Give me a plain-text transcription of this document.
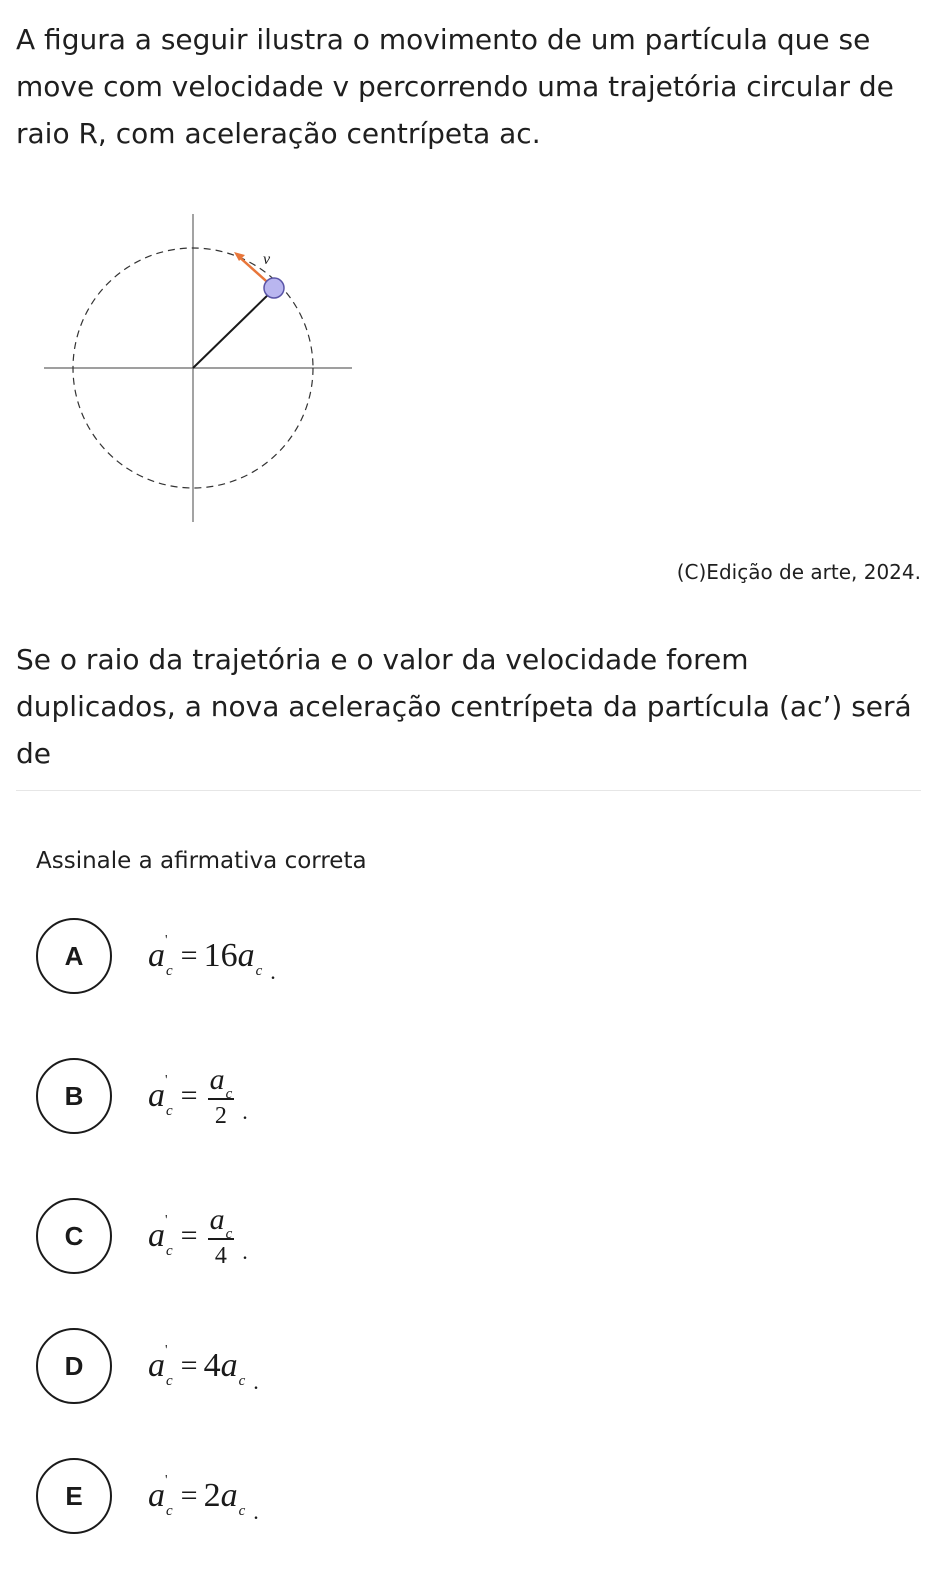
A figura a seguir ilustra o movimento de um partícula que se move com velocidade v percorrendo uma trajetória circular de raio R, com aceleração centrípeta ac.

v⃗
(C)Edição de arte, 2024.

Se o raio da trajetória e o valor da velocidade forem duplicados, a nova aceleração centrípeta da partícula (ac’) será de

Assinale a afirmativa correta
A	a '
$_c$ = 16 $a_c$ .
B	a '
$_c = \frac{a_c}{2}$ .
C	a '
$_c = \frac{a_c}{4}$ .
D	a '
$_c$ = 4 $a_c$ .
E	a '
$_c$ = 2 $a_c$ .
